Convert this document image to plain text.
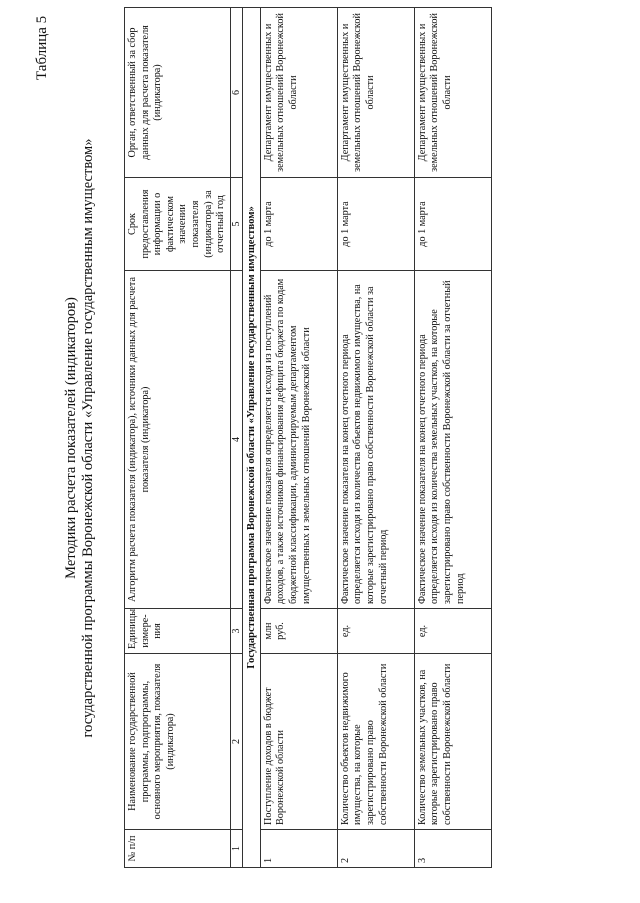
Таблица 5
Методики расчета показателей (индикаторов) государственной программы Воронежской области «Управление государственным имуществом»
№ п/п	Наименование государственной программы, подпрограммы, основного мероприятия, показателя (индикатора)	Единицы измере-ния	Алгоритм расчета показателя (индикатора), источники данных для расчета показателя (индикатора)	Срок предоставления информации о фактическом значении показателя (индикатора) за отчетный год	Орган, ответственный за сбор данных для расчета показателя (индикатора)
1	2	3	4	5	6
Государственная программа Воронежской области «Управление государственным имуществом»					
1	Поступление доходов в бюджет Воронежской области	млн руб.	Фактическое значение показателя определяется исходя из поступлений доходов, а также источников финансирования дефицита бюджета по кодам бюджетной классификации, администрируемым департаментом имущественных и земельных отношений Воронежской области	до 1 марта	Департамент имущественных и земельных отношений Воронежской области
2	Количество объектов недвижимого имущества, на которые зарегистрировано право собственности Воронежской области	ед.	Фактическое значение показателя на конец отчетного периода определяется исходя из количества объектов недвижимого имущества, на которые зарегистрировано право собственности Воронежской области за отчетный период	до 1 марта	Департамент имущественных и земельных отношений Воронежской области
3	Количество земельных участков, на которые зарегистрировано право собственности Воронежской области	ед.	Фактическое значение показателя на конец отчетного периода определяется исходя из количества земельных участков, на которые зарегистрировано право собственности Воронежской области за отчетный период	до 1 марта	Департамент имущественных и земельных отношений Воронежской области
